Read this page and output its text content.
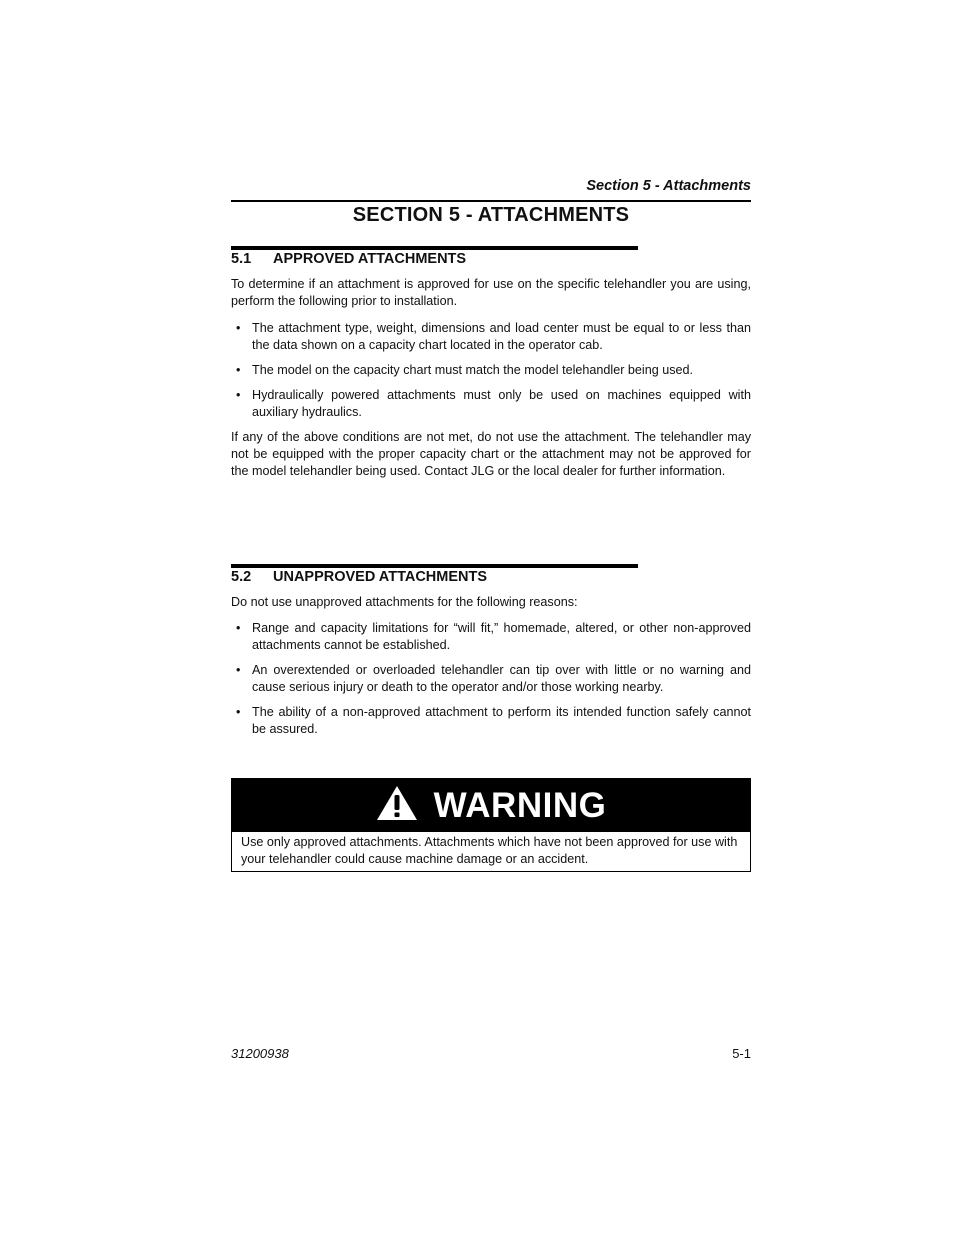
Section 5 - Attachments
SECTION 5 - ATTACHMENTS
5.1 APPROVED ATTACHMENTS
To determine if an attachment is approved for use on the specific telehandler you are using, perform the following prior to installation.
• The attachment type, weight, dimensions and load center must be equal to or less than the data shown on a capacity chart located in the operator cab.
• The model on the capacity chart must match the model telehandler being used.
• Hydraulically powered attachments must only be used on machines equipped with auxiliary hydraulics.
If any of the above conditions are not met, do not use the attachment. The telehandler may not be equipped with the proper capacity chart or the attachment may not be approved for the model telehandler being used. Contact JLG or the local dealer for further information.
5.2 UNAPPROVED ATTACHMENTS
Do not use unapproved attachments for the following reasons:
• Range and capacity limitations for “will fit,” homemade, altered, or other non-approved attachments cannot be established.
• An overextended or overloaded telehandler can tip over with little or no warning and cause serious injury or death to the operator and/or those working nearby.
• The ability of a non-approved attachment to perform its intended function safely cannot be assured.
WARNING
Use only approved attachments. Attachments which have not been approved for use with your telehandler could cause machine damage or an accident.
31200938	5-1
